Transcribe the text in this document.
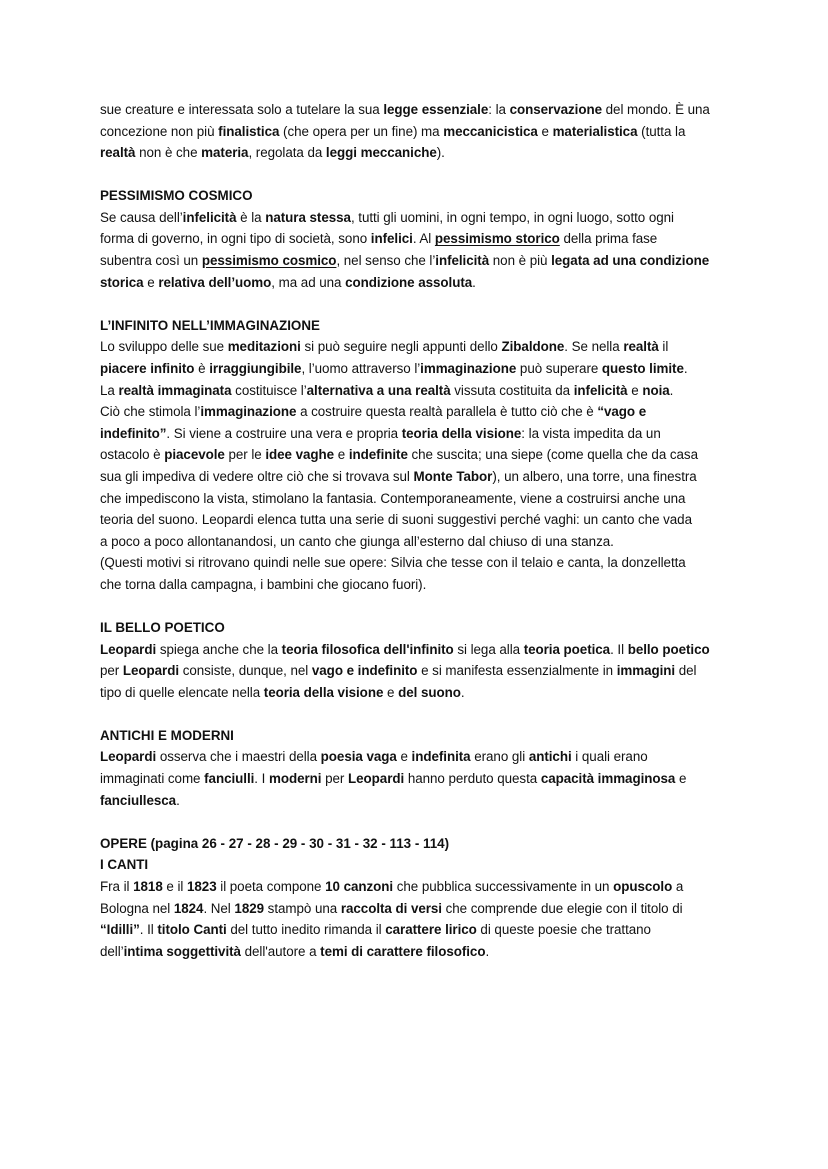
sue creature e interessata solo a tutelare la sua legge essenziale: la conservazione del mondo. È una
concezione non più finalistica (che opera per un fine) ma meccanicistica e materialistica (tutta la
realtà non è che materia, regolata da leggi meccaniche).
PESSIMISMO COSMICO
Se causa dell’infelicità è la natura stessa, tutti gli uomini, in ogni tempo, in ogni luogo, sotto ogni
forma di governo, in ogni tipo di società, sono infelici. Al pessimismo storico della prima fase
subentra così un pessimismo cosmico, nel senso che l’infelicità non è più legata ad una condizione
storica e relativa dell’uomo, ma ad una condizione assoluta.
L’INFINITO NELL’IMMAGINAZIONE
Lo sviluppo delle sue meditazioni si può seguire negli appunti dello Zibaldone. Se nella realtà il
piacere infinito è irraggiungibile, l’uomo attraverso l’immaginazione può superare questo limite.
La realtà immaginata costituisce l’alternativa a una realtà vissuta costituita da infelicità e noia.
Ciò che stimola l’immaginazione a costruire questa realtà parallela è tutto ciò che è “vago e
indefinito”. Si viene a costruire una vera e propria teoria della visione: la vista impedita da un
ostacolo è piacevole per le idee vaghe e indefinite che suscita; una siepe (come quella che da casa
sua gli impediva di vedere oltre ciò che si trovava sul Monte Tabor), un albero, una torre, una finestra
che impediscono la vista, stimolano la fantasia. Contemporaneamente, viene a costruirsi anche una
teoria del suono. Leopardi elenca tutta una serie di suoni suggestivi perché vaghi: un canto che vada
a poco a poco allontanandosi, un canto che giunga all’esterno dal chiuso di una stanza.
(Questi motivi si ritrovano quindi nelle sue opere: Silvia che tesse con il telaio e canta, la donzelletta
che torna dalla campagna, i bambini che giocano fuori).
IL BELLO POETICO
Leopardi spiega anche che la teoria filosofica dell'infinito si lega alla teoria poetica. Il bello poetico
per Leopardi consiste, dunque, nel vago e indefinito e si manifesta essenzialmente in immagini del
tipo di quelle elencate nella teoria della visione e del suono.
ANTICHI E MODERNI
Leopardi osserva che i maestri della poesia vaga e indefinita erano gli antichi i quali erano
immaginati come fanciulli. I moderni per Leopardi hanno perduto questa capacità immaginosa e
fanciullesca.
OPERE (pagina 26 - 27 - 28 - 29 - 30 - 31 - 32 - 113 - 114)
I CANTI
Fra il 1818 e il 1823 il poeta compone 10 canzoni che pubblica successivamente in un opuscolo a
Bologna nel 1824. Nel 1829 stampò una raccolta di versi che comprende due elegie con il titolo di
“Idilli”. Il titolo Canti del tutto inedito rimanda il carattere lirico di queste poesie che trattano
dell’intima soggettività dell'autore a temi di carattere filosofico.
